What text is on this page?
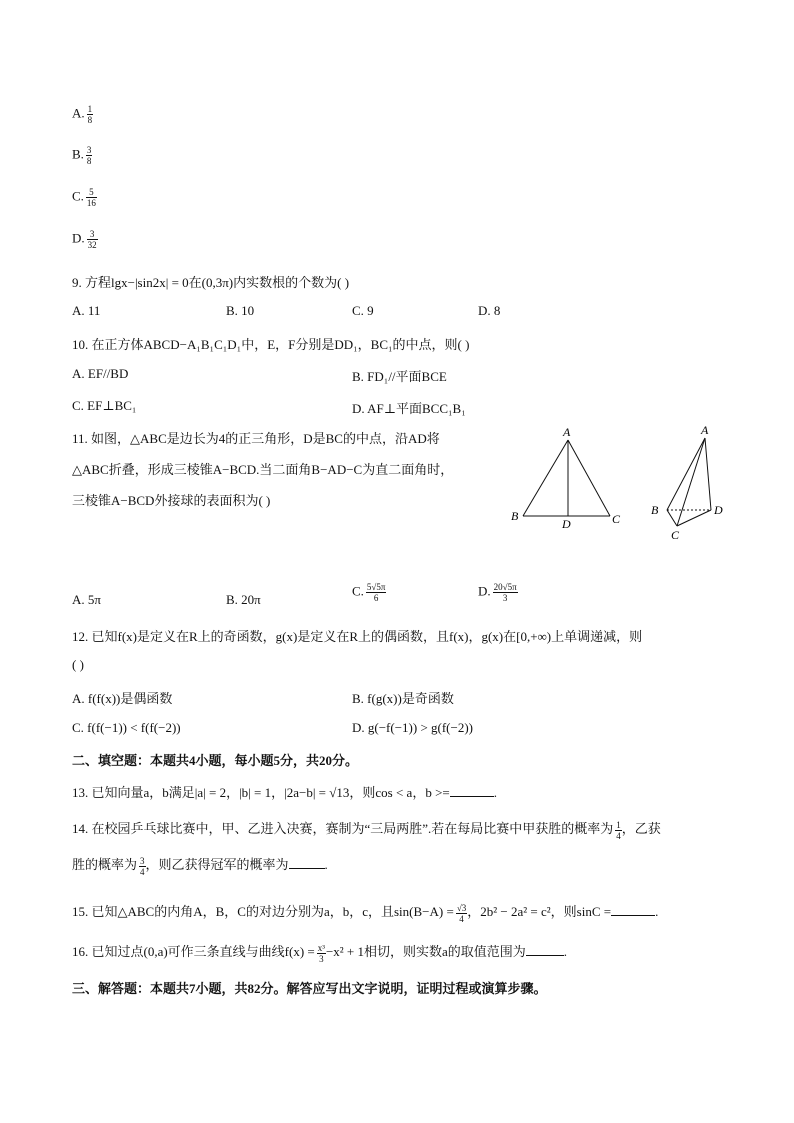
A. $\frac{1}{8}$
B. $\frac{3}{8}$
C. $\frac{5}{16}$
D. $\frac{3}{32}$
9. 方程lgx−|sin2x| = 0在(0,3π)内实数根的个数为( )
A. 11	B. 10	C. 9	D. 8
10. 在正方体ABCD−A₁B₁C₁D₁中，E，F分别是DD₁，BC₁的中点，则( )
A. EF//BD	B. FD₁//平面BCE
C. EF⊥BC₁	D. AF⊥平面BCC₁B₁
11. 如图，△ABC是边长为4的正三角形，D是BC的中点，沿AD将
△ABC折叠，形成三棱锥A−BCD.当二面角B−AD−C为直二面角时，
三棱锥A−BCD外接球的表面积为( )
A
B	C
D
A
B
C
D
A. 5π	B. 20π
C. $\frac{5√5\pi}{6}$	D. $\frac{20√5\pi}{3}$
12. 已知f(x)是定义在R上的奇函数，g(x)是定义在R上的偶函数，且f(x)，g(x)在[0,+∞)上单调递减，则
( )
A. f(f(x))是偶函数	B. f(g(x))是奇函数
C. f(f(−1)) < f(f(−2))	D. g(−f(−1)) > g(f(−2))
二、填空题：本题共4小题，每小题5分，共20分。
13. 已知向量a，b满足|a| = 2，|b| = 1，|2a−b| = √13，则cos < a，b >=	.
14. 在校园乒乓球比赛中，甲、乙进入决赛，赛制为“三局两胜”.若在每局比赛中甲获胜的概率为 $\frac{1}{4}$ ，乙获
胜的概率为 $\frac{3}{4}$ ，则乙获得冠军的概率为	.
15. 已知△ABC的内角A，B，C的对边分别为a，b，c，且$\sin(B-A) = \frac{√3}{4}$ ，2b² − 2a² = c²，则sinC =	.
16. 已知过点(0,a)可作三条直线与曲线$f(x) = \frac{\text{x³}}{3} -x^2 + 1$相切，则实数a的取值范围为	.
三、解答题：本题共7小题，共82分。解答应写出文字说明，证明过程或演算步骤。
